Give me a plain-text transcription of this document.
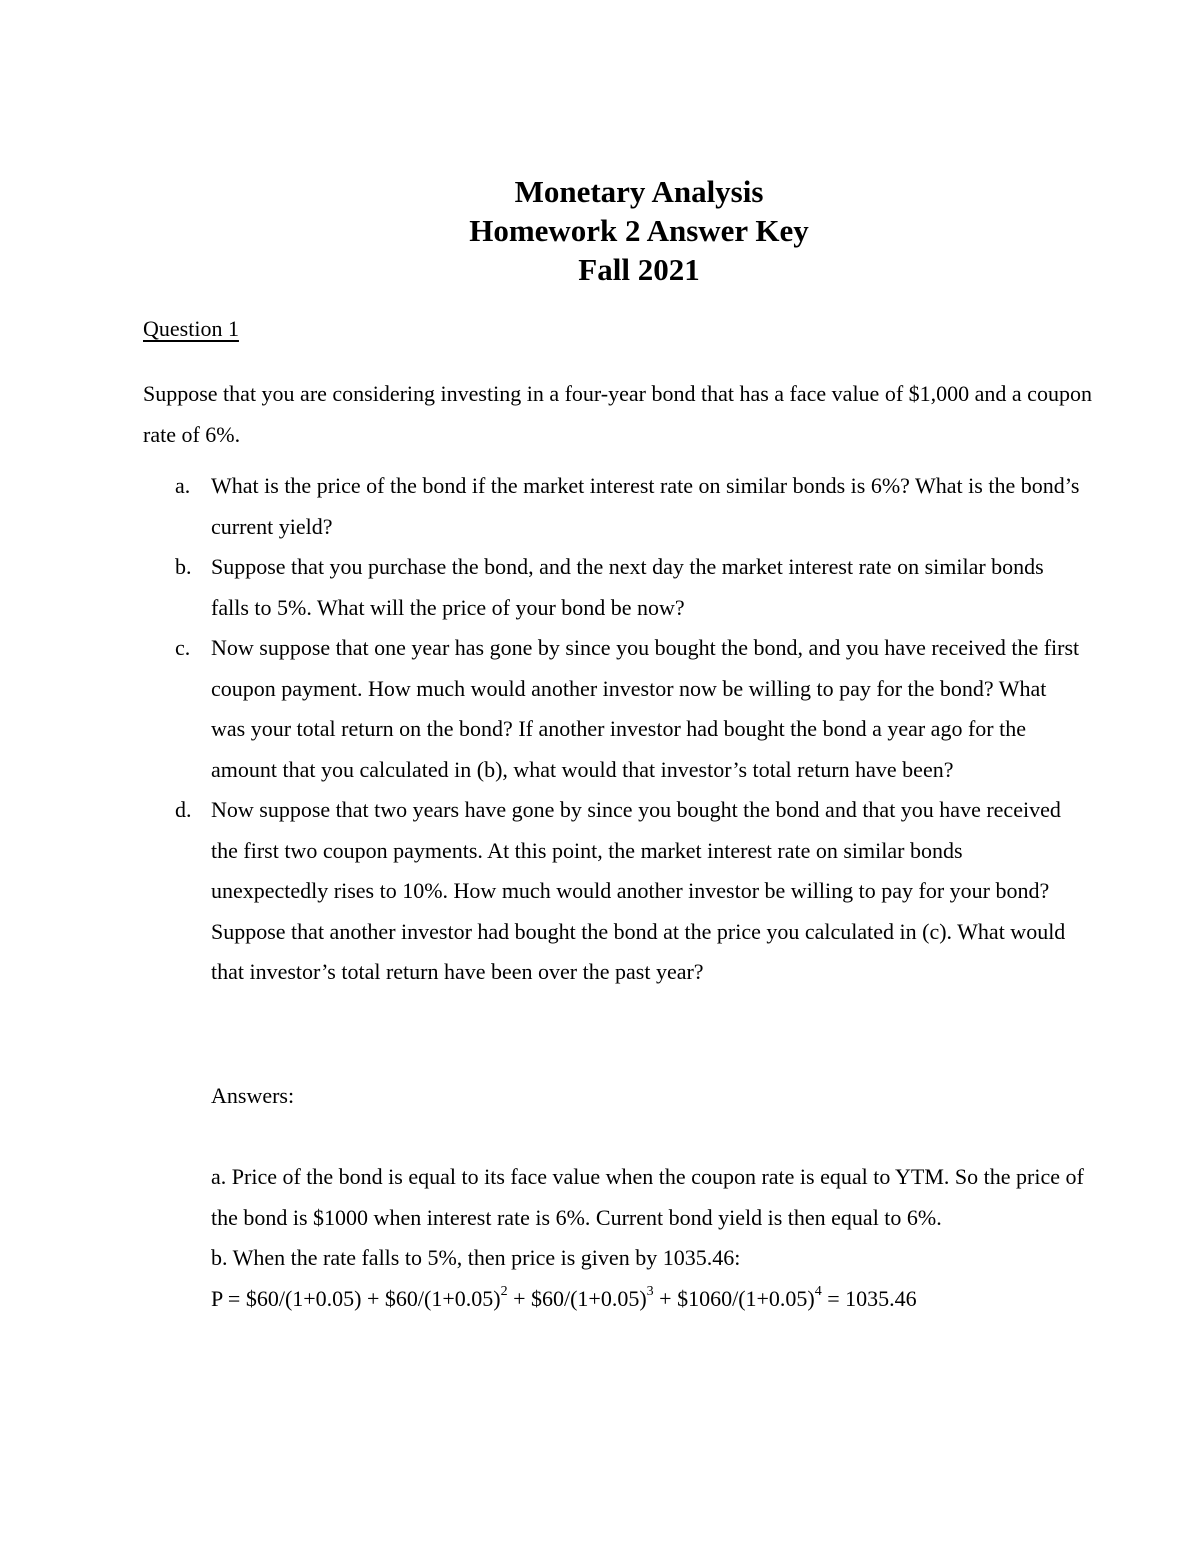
Monetary Analysis
Homework 2 Answer Key
Fall 2021
Question 1
Suppose that you are considering investing in a four-year bond that has a face value of $1,000 and a coupon rate of 6%.
a. What is the price of the bond if the market interest rate on similar bonds is 6%? What is the bond’s current yield?
b. Suppose that you purchase the bond, and the next day the market interest rate on similar bonds falls to 5%. What will the price of your bond be now?
c. Now suppose that one year has gone by since you bought the bond, and you have received the first coupon payment. How much would another investor now be willing to pay for the bond? What was your total return on the bond? If another investor had bought the bond a year ago for the amount that you calculated in (b), what would that investor’s total return have been?
d. Now suppose that two years have gone by since you bought the bond and that you have received the first two coupon payments. At this point, the market interest rate on similar bonds unexpectedly rises to 10%. How much would another investor be willing to pay for your bond? Suppose that another investor had bought the bond at the price you calculated in (c). What would that investor’s total return have been over the past year?
Answers:
a. Price of the bond is equal to its face value when the coupon rate is equal to YTM. So the price of the bond is $1000 when interest rate is 6%. Current bond yield is then equal to 6%.
b. When the rate falls to 5%, then price is given by 1035.46:
P = $60/(1+0.05) + $\$60/(1+0.05)^2$ + $\$60/(1+0.05)^3$ + $\$1060/(1+0.05)^4 = 1035.46$
